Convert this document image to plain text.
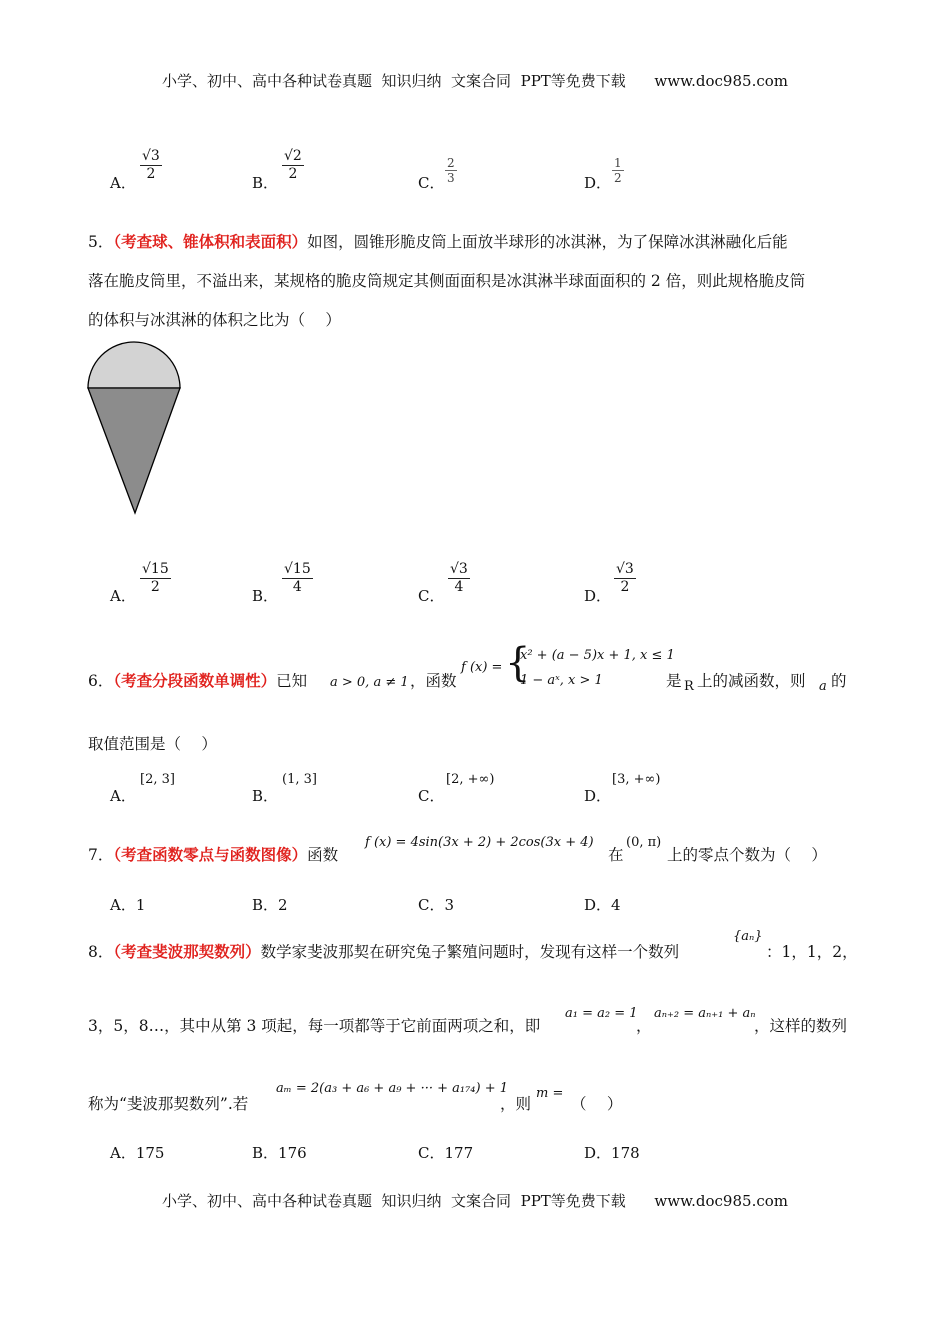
小学、初中、高中各种试卷真题  知识归纳  文案合同  PPT等免费下载      www.doc985.com
A． $\frac{√3}{2}$	B． $\frac{√2}{2}$	C． $\frac{2}{3}$	D． $\frac{1}{2}$
5．（考查球、锥体积和表面积）如图，圆锥形脆皮筒上面放半球形的冰淇淋，为了保障冰淇淋融化后能
落在脆皮筒里，不溢出来，某规格的脆皮筒规定其侧面面积是冰淇淋半球面面积的 2 倍，则此规格脆皮筒
的体积与冰淇淋的体积之比为（　 ）
A． $\frac{√15}{2}$	B． $\frac{√15}{4}$	C． $\frac{√3}{4}$	D． $\frac{√3}{2}$
6．（考查分段函数单调性）已知 a > 0, a ≠ 1 ，函数
f (x) = {
x² + (a − 5)x + 1, x ≤ 1
1 − aˣ, x > 1	是 R 上的减函数，则 a 的
取值范围是（　 ）
A．
[2, 3]
B．
(1, 3]
C．
[2, +∞)
D．
[3, +∞)
7．（考查函数零点与函数图像）函数
f (x) = 4sin(3x + 2) + 2cos(3x + 4)
在
(0, π)
上的零点个数为（　 ）
A．1	B．2	C．3	D．4
8．（考查斐波那契数列）数学家斐波那契在研究兔子繁殖问题时，发现有这样一个数列
{aₙ}
：1，1，2，
3，5，8…，其中从第 3 项起，每一项都等于它前面两项之和，即
a₁ = a₂ = 1
，
aₙ₊₂ = aₙ₊₁ + aₙ
，这样的数列
称为“斐波那契数列”.若
aₘ = 2(a₃ + a₆ + a₉ + ··· + a₁₇₄) + 1
，则
m =
（　 ）
A．175	B．176	C．177	D．178
小学、初中、高中各种试卷真题  知识归纳  文案合同  PPT等免费下载      www.doc985.com
